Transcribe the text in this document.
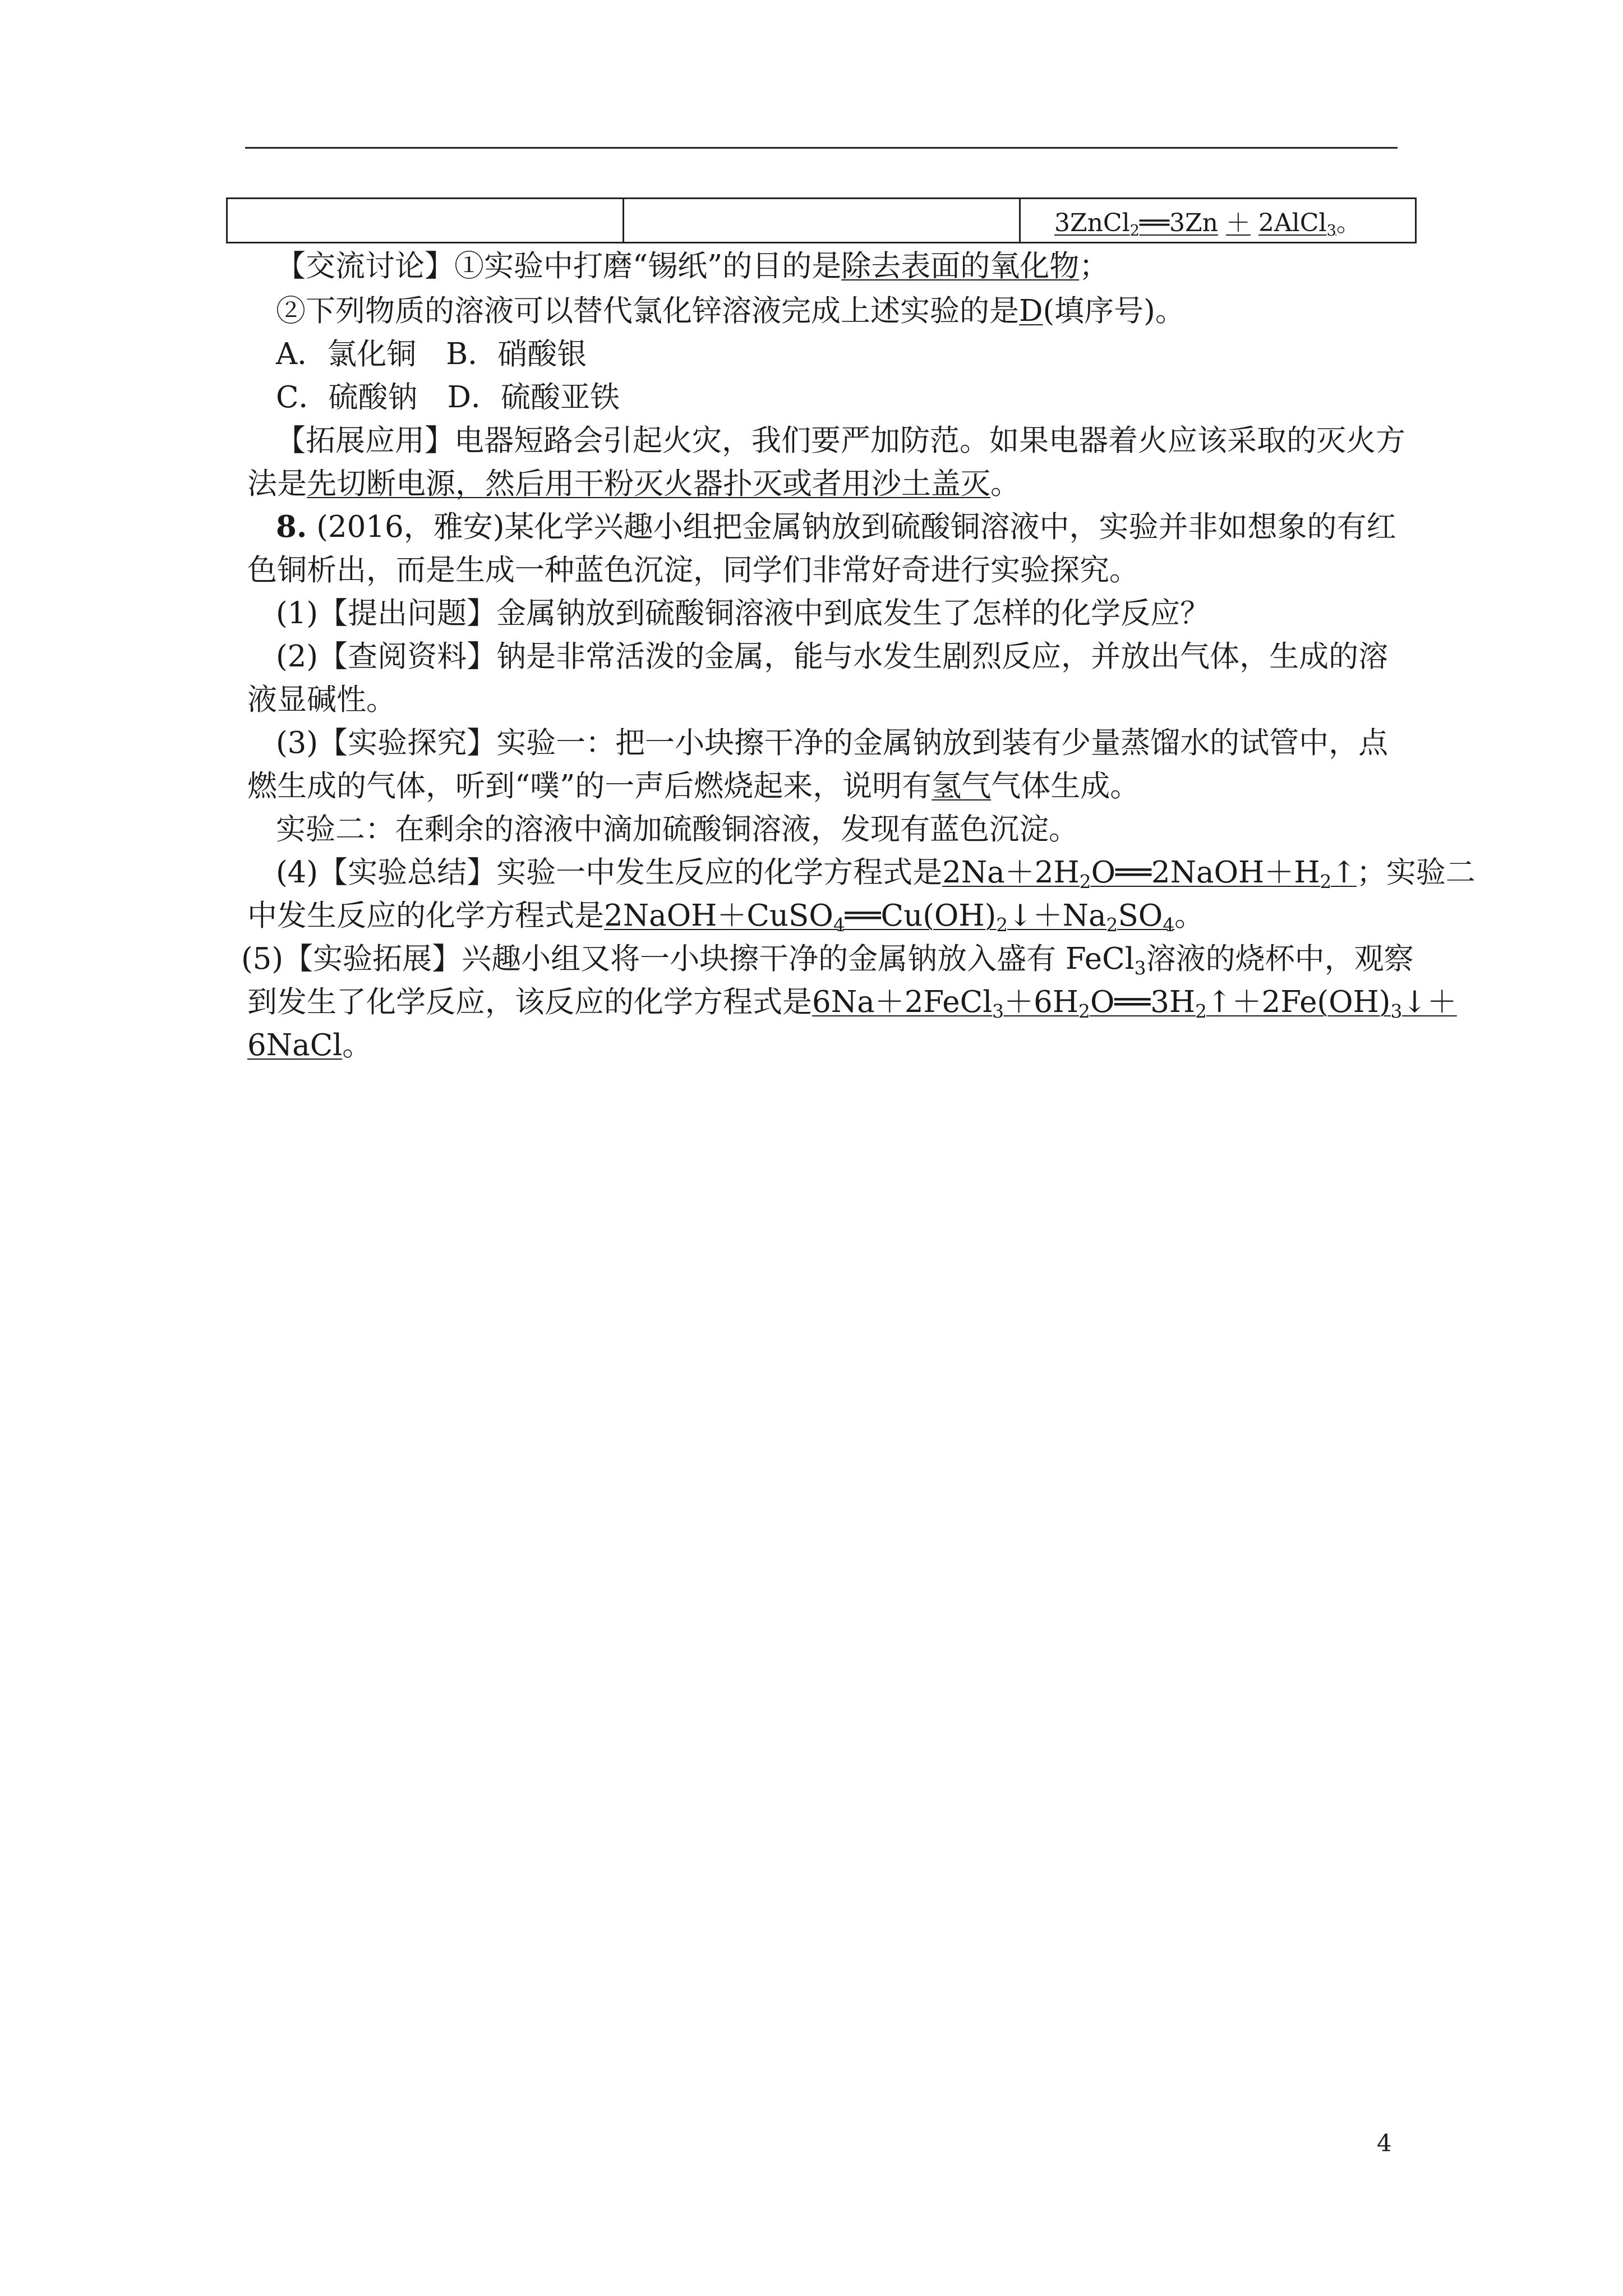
		3ZnCl$_2$══3Zn ＋ 2AlCl$_3$。
【交流讨论】①实验中打磨“锡纸”的目的是除去表面的氧化物；
②下列物质的溶液可以替代氯化锌溶液完成上述实验的是D(填序号)。
A．氯化铜　B．硝酸银
C．硫酸钠　D．硫酸亚铁
【拓展应用】电器短路会引起火灾，我们要严加防范。如果电器着火应该采取的灭火方
法是先切断电源，然后用干粉灭火器扑灭或者用沙土盖灭。
8. (2016，雅安)某化学兴趣小组把金属钠放到硫酸铜溶液中，实验并非如想象的有红
色铜析出，而是生成一种蓝色沉淀，同学们非常好奇进行实验探究。
(1)【提出问题】金属钠放到硫酸铜溶液中到底发生了怎样的化学反应？
(2)【查阅资料】钠是非常活泼的金属，能与水发生剧烈反应，并放出气体，生成的溶
液显碱性。
(3)【实验探究】实验一：把一小块擦干净的金属钠放到装有少量蒸馏水的试管中，点
燃生成的气体，听到“噗”的一声后燃烧起来，说明有氢气气体生成。
实验二：在剩余的溶液中滴加硫酸铜溶液，发现有蓝色沉淀。
(4)【实验总结】实验一中发生反应的化学方程式是$2Na+2H_2O══2NaOH+H_2↑$；实验二
中发生反应的化学方程式是$2NaOH+CuSO_4══Cu(OH)_2↓+Na_2SO_4$。
(5)【实验拓展】兴趣小组又将一小块擦干净的金属钠放入盛有 FeCl$_3$溶液的烧杯中，观察
到发生了化学反应，该反应的化学方程式是$6Na+2FeCl_3+6H_2O══3H_2↑+2Fe(OH)_3↓+$
6NaCl。
4
